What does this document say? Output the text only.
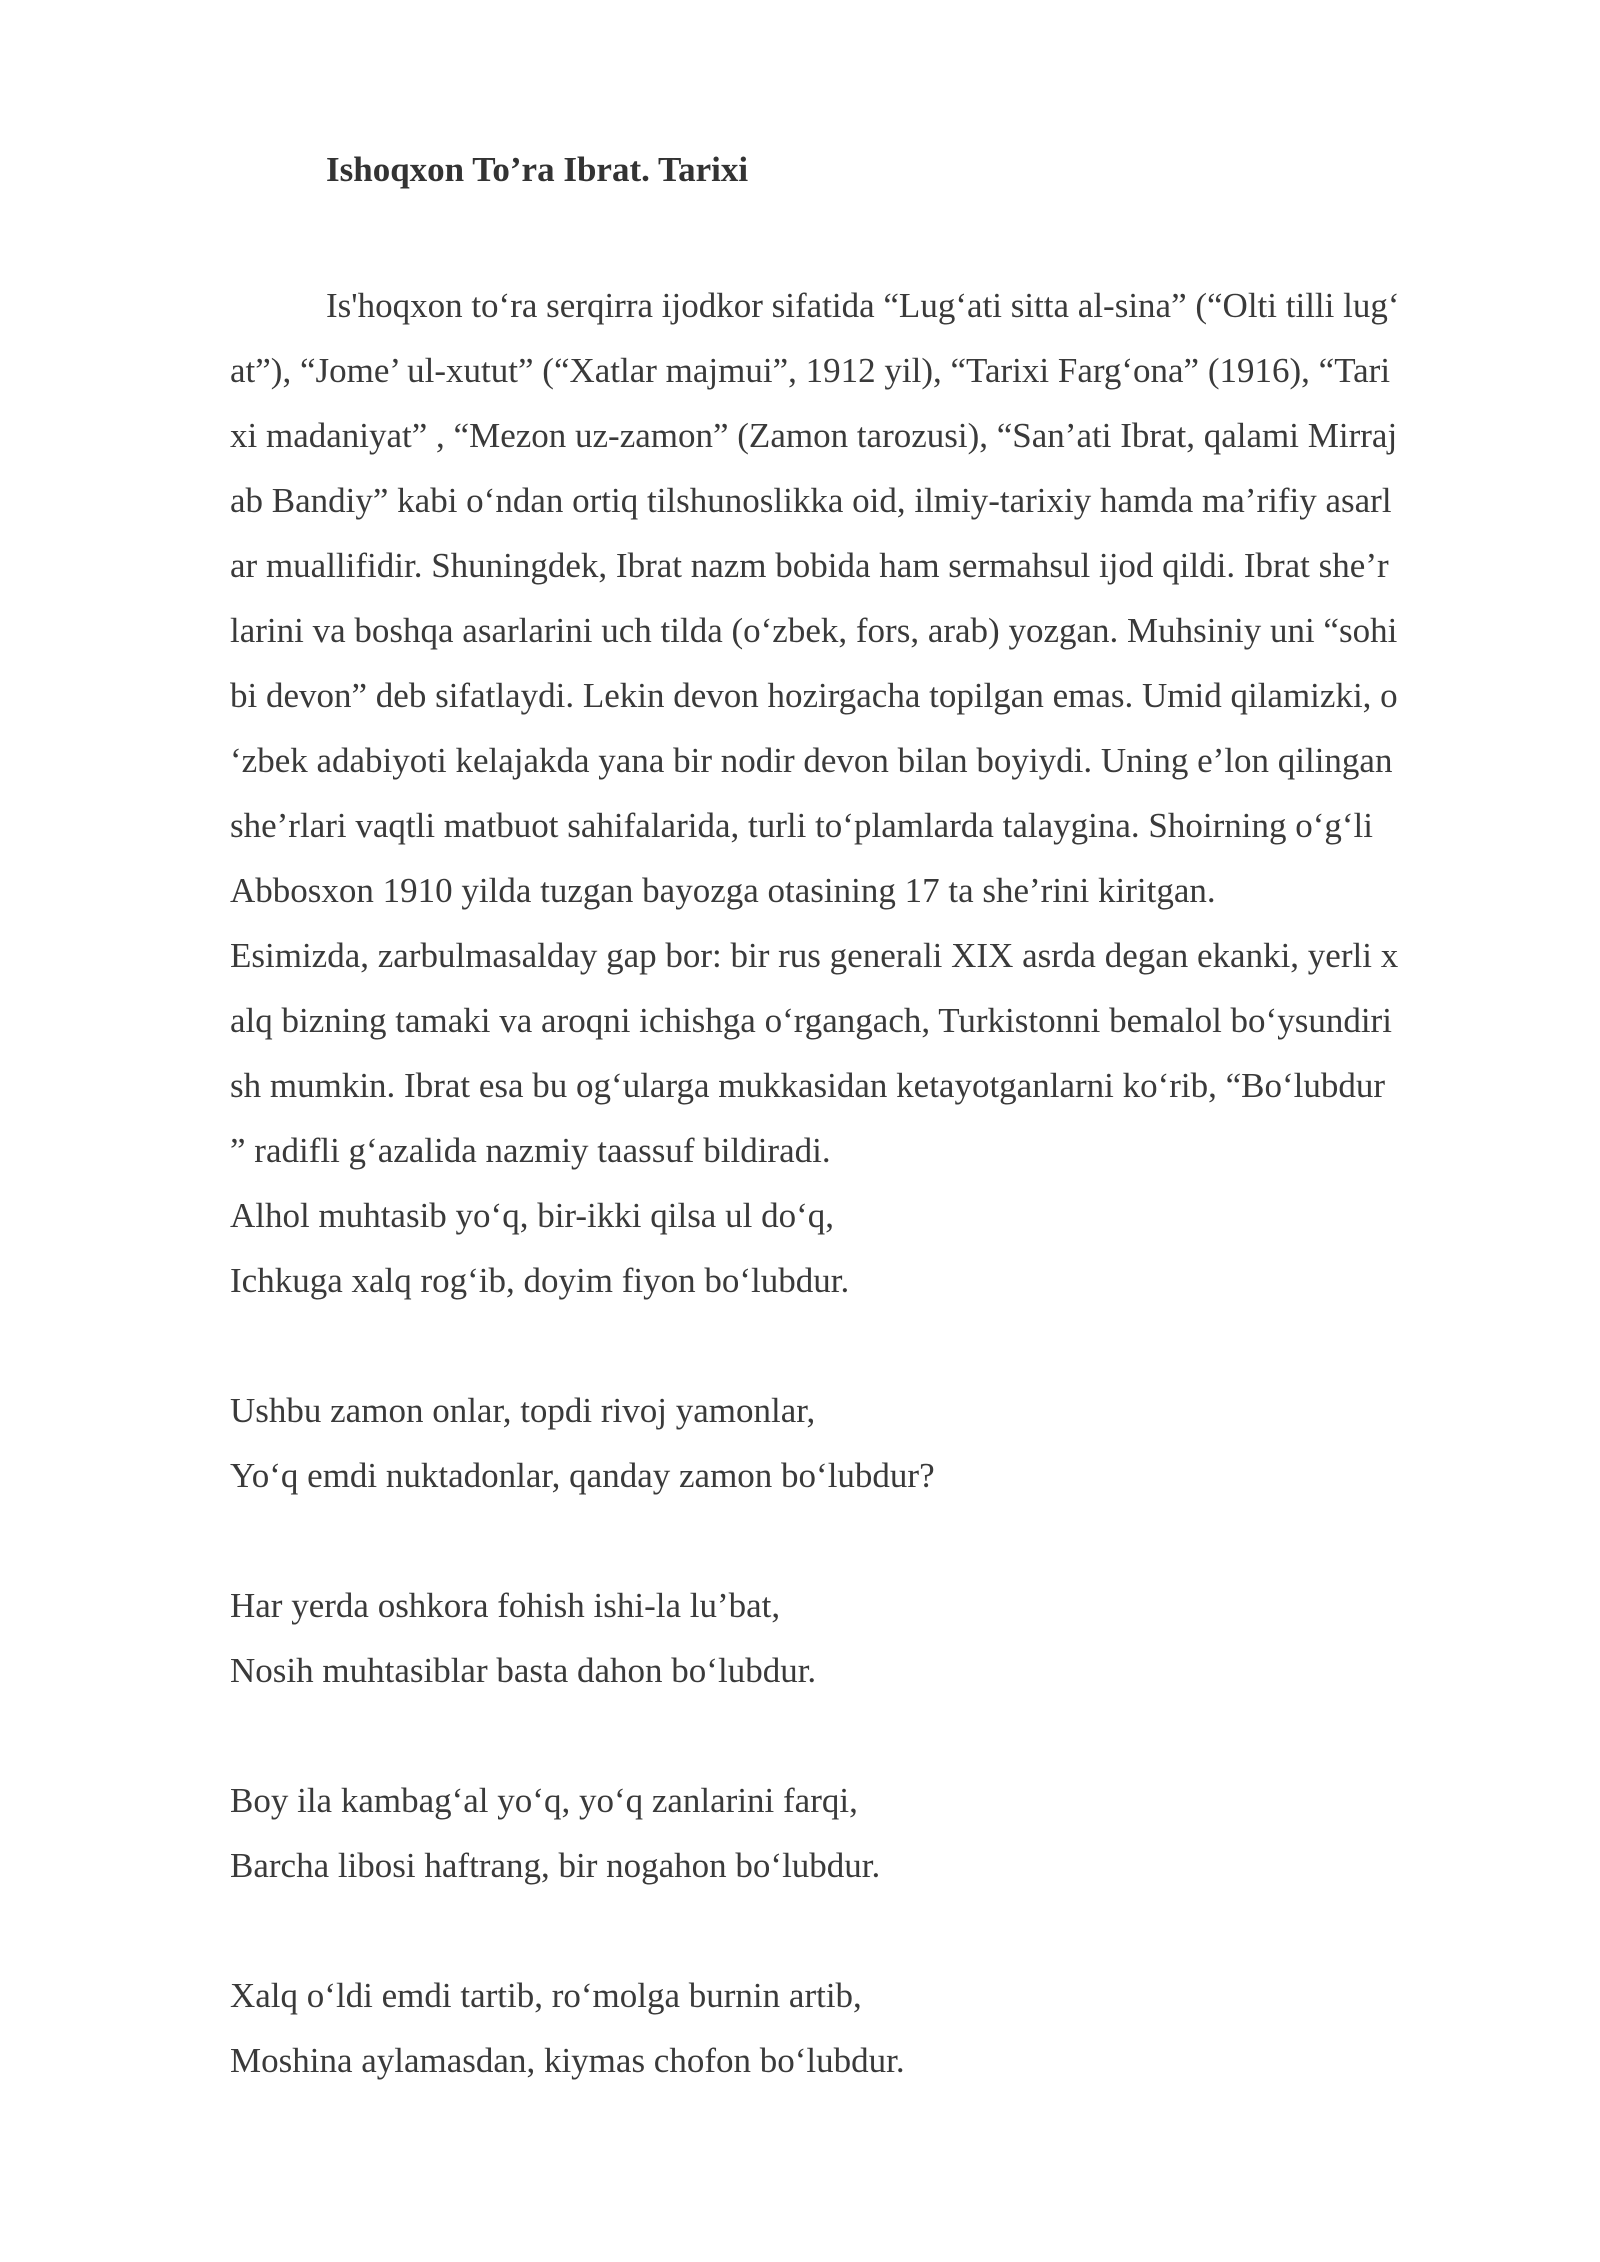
Ishoqxon To’ra Ibrat. Tarixi
Is'hoqxon to‘ra serqirra ijodkor sifatida “Lug‘ati sitta al-sina” (“Olti tilli lug‘
at”), “Jome’ ul-xutut” (“Xatlar majmui”, 1912 yil), “Tarixi Farg‘ona” (1916), “Tari
xi madaniyat” , “Mezon uz-zamon” (Zamon tarozusi), “San’ati Ibrat, qalami Mirraj
ab Bandiy” kabi o‘ndan ortiq tilshunoslikka oid, ilmiy-tarixiy hamda ma’rifiy asarl
ar muallifidir. Shuningdek, Ibrat nazm bobida ham sermahsul ijod qildi. Ibrat she’r
larini va boshqa asarlarini uch tilda (o‘zbek, fors, arab) yozgan. Muhsiniy uni “sohi
bi devon” deb sifatlaydi. Lekin devon hozirgacha topilgan emas. Umid qilamizki, o
‘zbek adabiyoti kelajakda yana bir nodir devon bilan boyiydi. Uning e’lon qilingan
she’rlari vaqtli matbuot sahifalarida, turli to‘plamlarda talaygina. Shoirning o‘g‘li
Abbosxon 1910 yilda tuzgan bayozga otasining 17 ta she’rini kiritgan.
Esimizda, zarbulmasalday gap bor: bir rus generali XIX asrda degan ekanki, yerli x
alq bizning tamaki va aroqni ichishga o‘rgangach, Turkistonni bemalol bo‘ysundiri
sh mumkin. Ibrat esa bu og‘ularga mukkasidan ketayotganlarni ko‘rib, “Bo‘lubdur
” radifli g‘azalida nazmiy taassuf bildiradi.
Alhol muhtasib yo‘q, bir-ikki qilsa ul do‘q,
Ichkuga xalq rog‘ib, doyim fiyon bo‘lubdur.
Ushbu zamon onlar, topdi rivoj yamonlar,
Yo‘q emdi nuktadonlar, qanday zamon bo‘lubdur?
Har yerda oshkora fohish ishi-la lu’bat,
Nosih muhtasiblar basta dahon bo‘lubdur.
Boy ila kambag‘al yo‘q, yo‘q zanlarini farqi,
Barcha libosi haftrang, bir nogahon bo‘lubdur.
Xalq o‘ldi emdi tartib, ro‘molga burnin artib,
Moshina aylamasdan, kiymas chofon bo‘lubdur.
